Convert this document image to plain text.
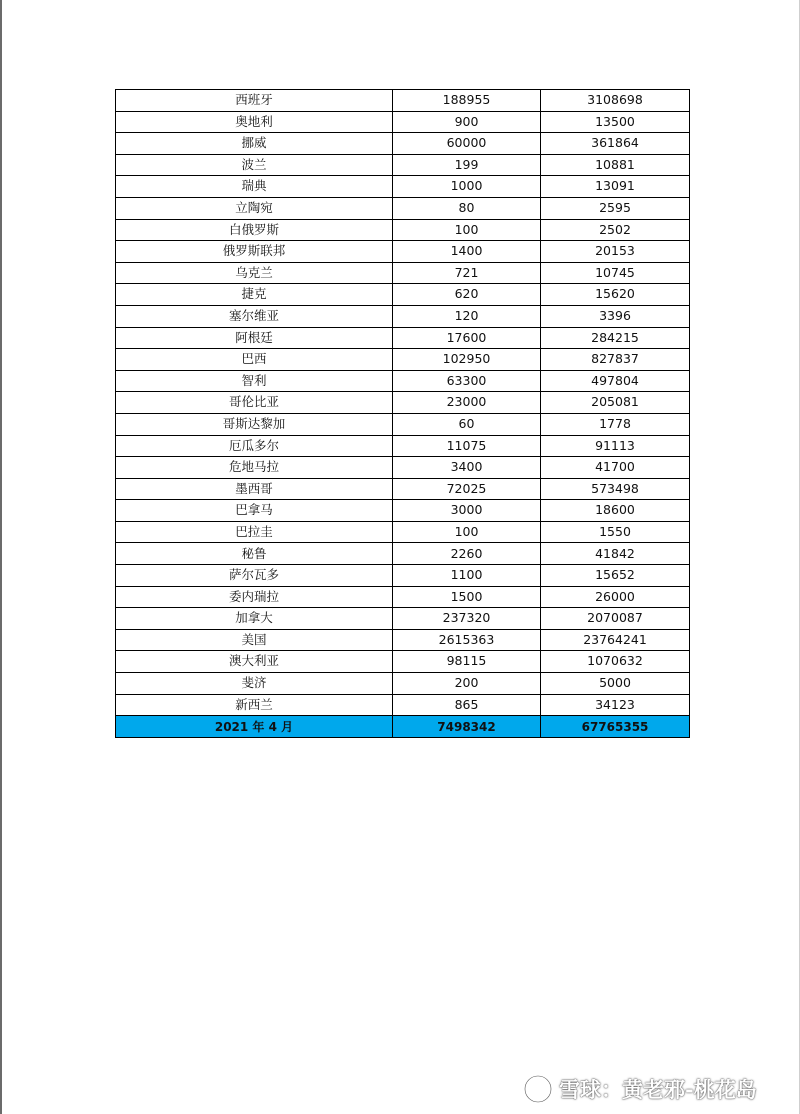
西班牙	188955	3108698
奥地利	900	13500
挪威	60000	361864
波兰	199	10881
瑞典	1000	13091
立陶宛	80	2595
白俄罗斯	100	2502
俄罗斯联邦	1400	20153
乌克兰	721	10745
捷克	620	15620
塞尔维亚	120	3396
阿根廷	17600	284215
巴西	102950	827837
智利	63300	497804
哥伦比亚	23000	205081
哥斯达黎加	60	1778
厄瓜多尔	11075	91113
危地马拉	3400	41700
墨西哥	72025	573498
巴拿马	3000	18600
巴拉圭	100	1550
秘鲁	2260	41842
萨尔瓦多	1100	15652
委内瑞拉	1500	26000
加拿大	237320	2070087
美国	2615363	23764241
澳大利亚	98115	1070632
斐济	200	5000
新西兰	865	34123
2021 年 4 月	7498342	67765355
雪球：黄老邪-桃花岛
